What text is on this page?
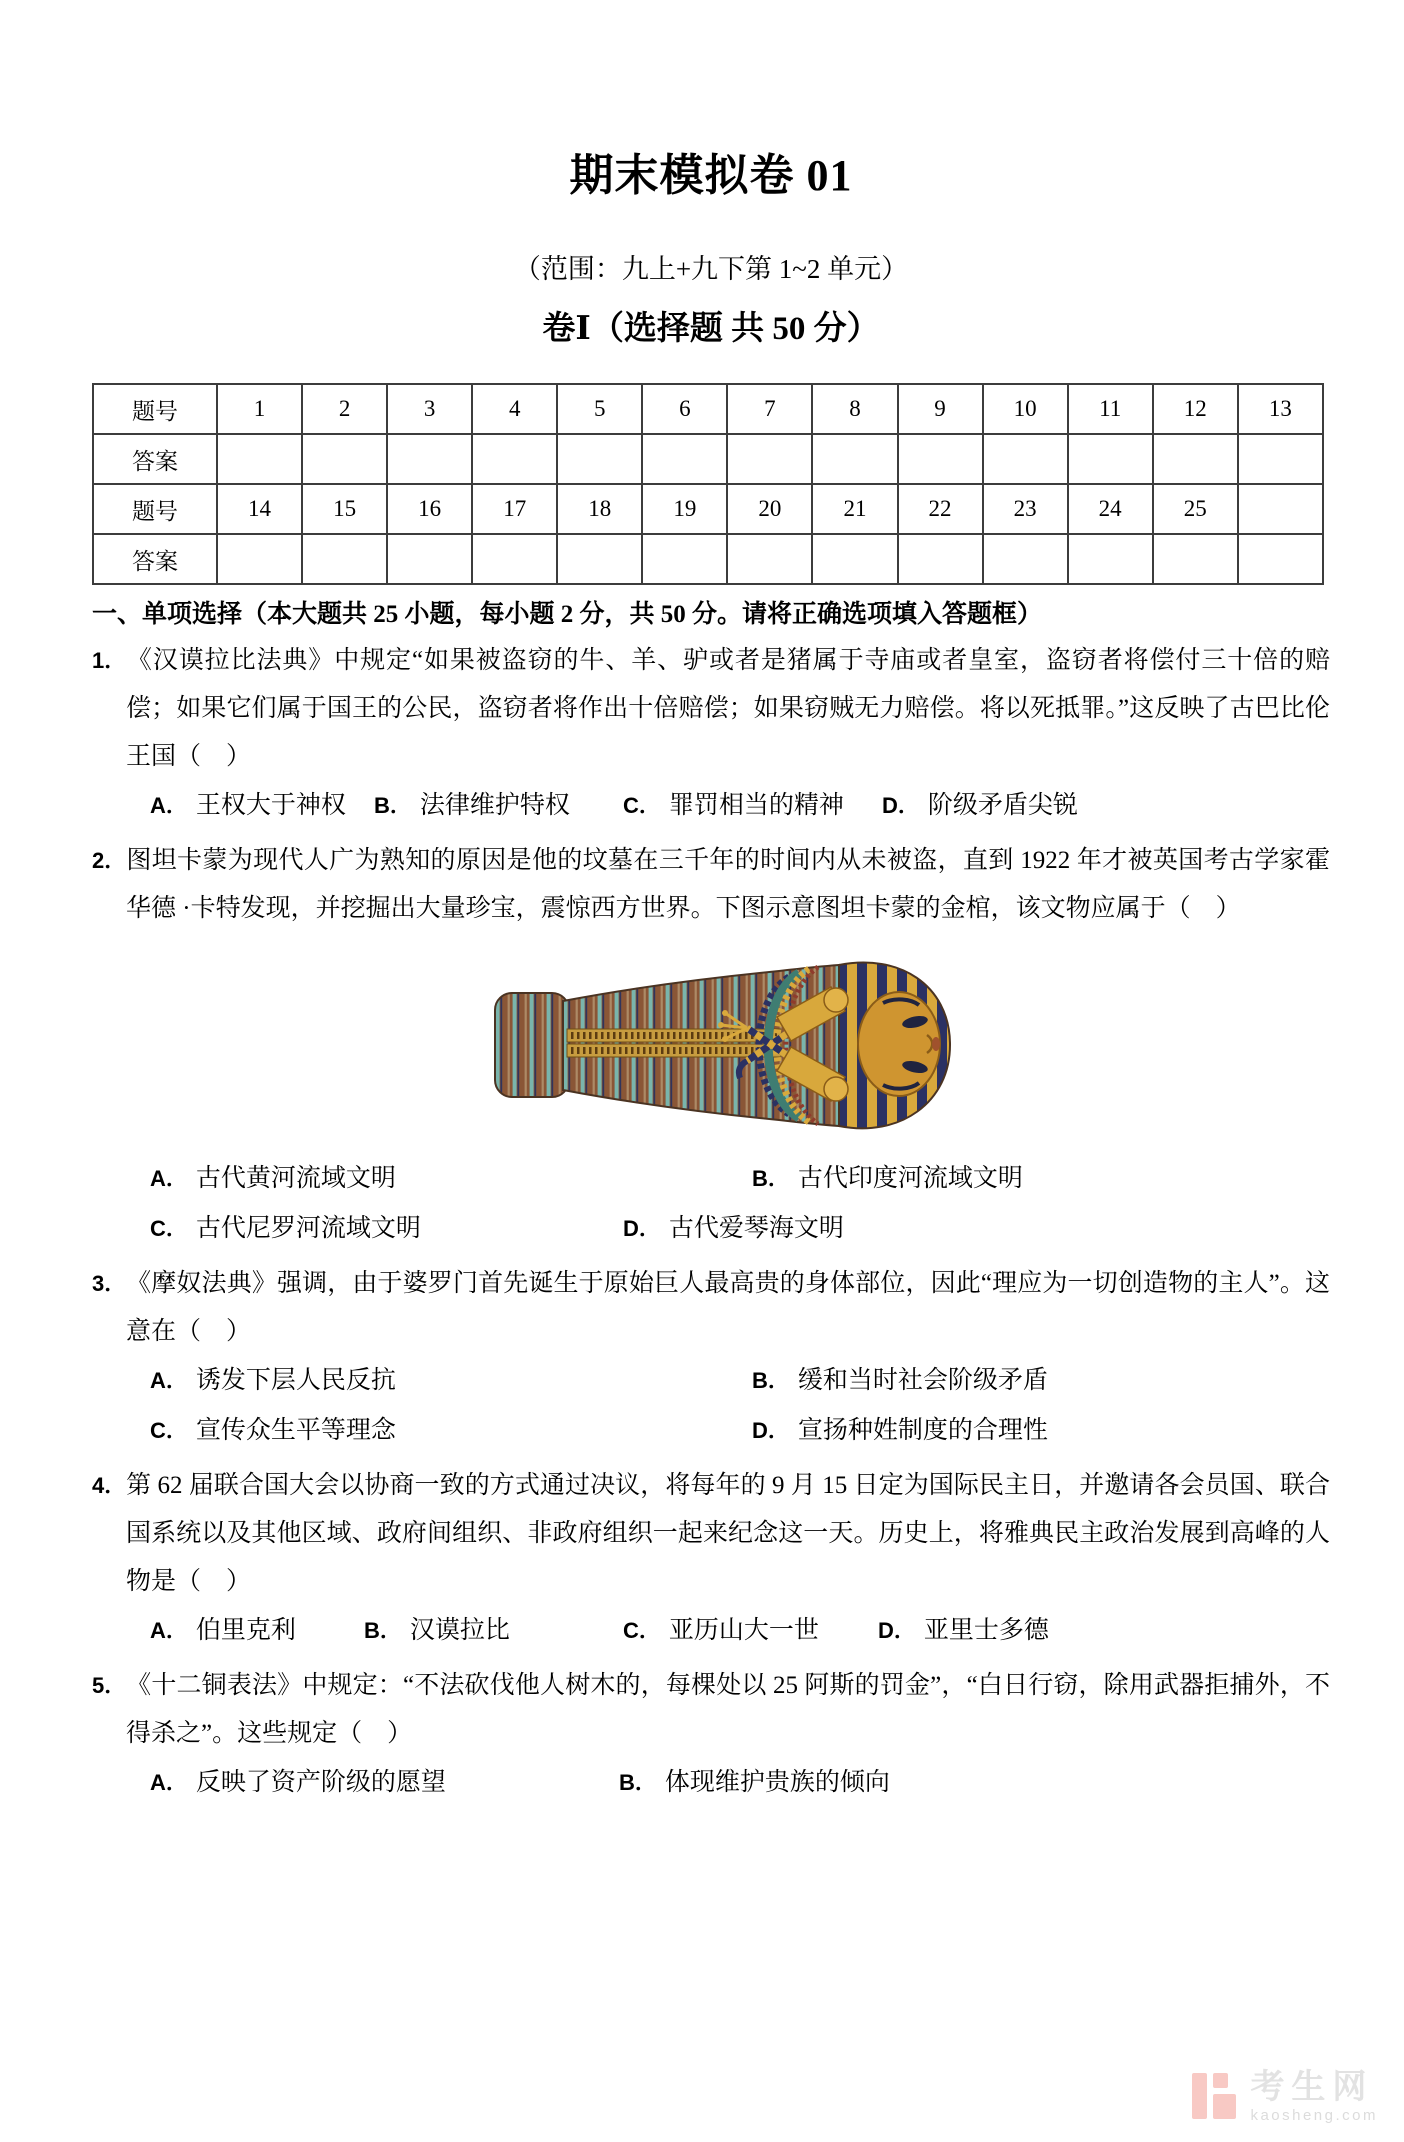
期末模拟卷 01
（范围：九上+九下第 1~2 单元）
卷Ⅰ（选择题 共 50 分）
题号	1	2	3	4	5	6	7	8	9	10	11	12	13
答案													
题号	14	15	16	17	18	19	20	21	22	23	24	25	
答案													
一、单项选择（本大题共 25 小题，每小题 2 分，共 50 分。请将正确选项填入答题框）
1．《汉谟拉比法典》中规定“如果被盗窃的牛、羊、驴或者是猪属于寺庙或者皇室，盗窃者将偿付三十倍的赔偿；如果它们属于国王的公民，盗窃者将作出十倍赔偿；如果窃贼无力赔偿。将以死抵罪。”这反映了古巴比伦王国（　）
A． 王权大于神权 B． 法律维护特权 C． 罪罚相当的精神 D． 阶级矛盾尖锐
2．图坦卡蒙为现代人广为熟知的原因是他的坟墓在三千年的时间内从未被盗，直到 1922 年才被英国考古学家霍华德 ·卡特发现，并挖掘出大量珍宝，震惊西方世界。下图示意图坦卡蒙的金棺，该文物应属于（　）
A． 古代黄河流域文明	B． 古代印度河流域文明
C． 古代尼罗河流域文明	D． 古代爱琴海文明
3．《摩奴法典》强调，由于婆罗门首先诞生于原始巨人最高贵的身体部位，因此“理应为一切创造物的主人”。这意在（　）
A． 诱发下层人民反抗	B． 缓和当时社会阶级矛盾
C． 宣传众生平等理念	D． 宣扬种姓制度的合理性
4．第 62 届联合国大会以协商一致的方式通过决议，将每年的 9 月 15 日定为国际民主日，并邀请各会员国、联合国系统以及其他区域、政府间组织、非政府组织一起来纪念这一天。历史上，将雅典民主政治发展到高峰的人物是（　）
A． 伯里克利	B． 汉谟拉比	C． 亚历山大一世	D． 亚里士多德
5．《十二铜表法》中规定：“不法砍伐他人树木的，每棵处以 25 阿斯的罚金”，“白日行窃，除用武器拒捕外，不得杀之”。这些规定（　）
A． 反映了资产阶级的愿望	B． 体现维护贵族的倾向
考生网
kaosheng.com
